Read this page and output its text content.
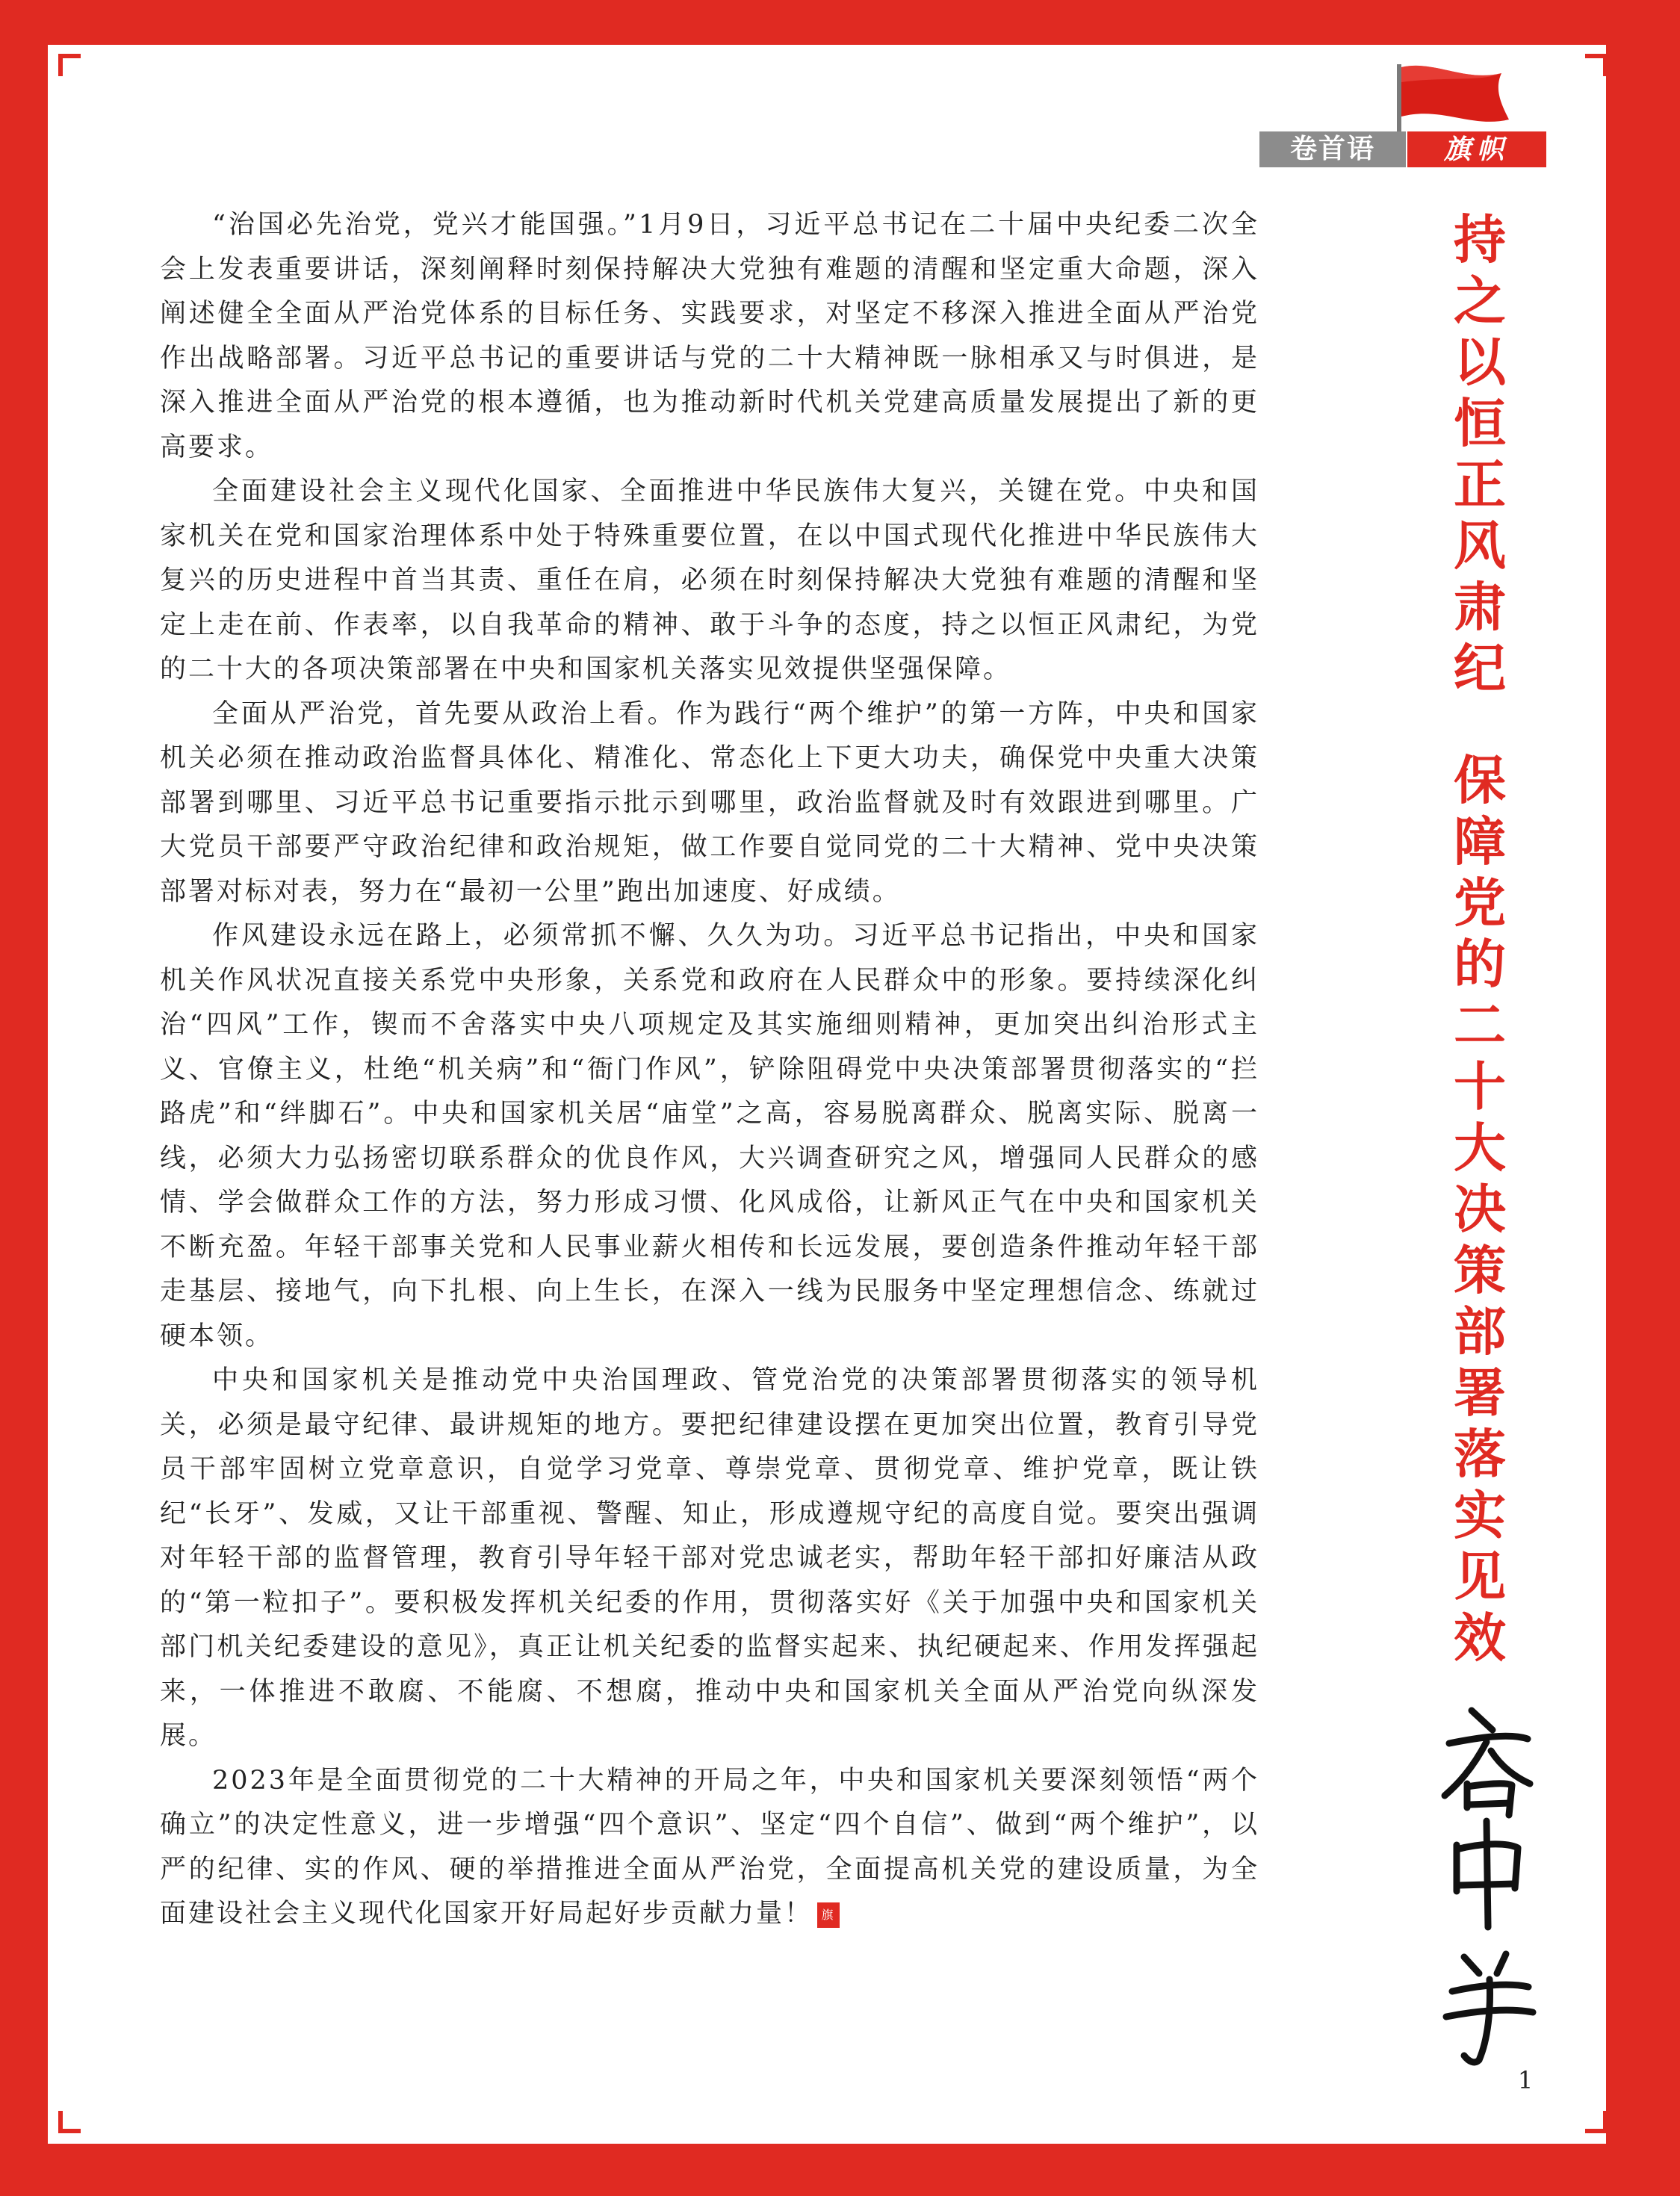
卷首语	旗帜
持之以恒正风肃纪
保障党的二十大决策部署落实见效

“治国必先治党，党兴才能国强。”1月9日，习近平总书记在二十届中央纪委二次全会上发表重要讲话，深刻阐释时刻保持解决大党独有难题的清醒和坚定重大命题，深入阐述健全全面从严治党体系的目标任务、实践要求，对坚定不移深入推进全面从严治党作出战略部署。习近平总书记的重要讲话与党的二十大精神既一脉相承又与时俱进，是深入推进全面从严治党的根本遵循，也为推动新时代机关党建高质量发展提出了新的更高要求。

全面建设社会主义现代化国家、全面推进中华民族伟大复兴，关键在党。中央和国家机关在党和国家治理体系中处于特殊重要位置，在以中国式现代化推进中华民族伟大复兴的历史进程中首当其责、重任在肩，必须在时刻保持解决大党独有难题的清醒和坚定上走在前、作表率，以自我革命的精神、敢于斗争的态度，持之以恒正风肃纪，为党的二十大的各项决策部署在中央和国家机关落实见效提供坚强保障。

全面从严治党，首先要从政治上看。作为践行“两个维护”的第一方阵，中央和国家机关必须在推动政治监督具体化、精准化、常态化上下更大功夫，确保党中央重大决策部署到哪里、习近平总书记重要指示批示到哪里，政治监督就及时有效跟进到哪里。广大党员干部要严守政治纪律和政治规矩，做工作要自觉同党的二十大精神、党中央决策部署对标对表，努力在“最初一公里”跑出加速度、好成绩。

作风建设永远在路上，必须常抓不懈、久久为功。习近平总书记指出，中央和国家机关作风状况直接关系党中央形象，关系党和政府在人民群众中的形象。要持续深化纠治“四风”工作，锲而不舍落实中央八项规定及其实施细则精神，更加突出纠治形式主义、官僚主义，杜绝“机关病”和“衙门作风”，铲除阻碍党中央决策部署贯彻落实的“拦路虎”和“绊脚石”。中央和国家机关居“庙堂”之高，容易脱离群众、脱离实际、脱离一线，必须大力弘扬密切联系群众的优良作风，大兴调查研究之风，增强同人民群众的感情、学会做群众工作的方法，努力形成习惯、化风成俗，让新风正气在中央和国家机关不断充盈。年轻干部事关党和人民事业薪火相传和长远发展，要创造条件推动年轻干部走基层、接地气，向下扎根、向上生长，在深入一线为民服务中坚定理想信念、练就过硬本领。

中央和国家机关是推动党中央治国理政、管党治党的决策部署贯彻落实的领导机关，必须是最守纪律、最讲规矩的地方。要把纪律建设摆在更加突出位置，教育引导党员干部牢固树立党章意识，自觉学习党章、尊崇党章、贯彻党章、维护党章，既让铁纪“长牙”、发威，又让干部重视、警醒、知止，形成遵规守纪的高度自觉。要突出强调对年轻干部的监督管理，教育引导年轻干部对党忠诚老实，帮助年轻干部扣好廉洁从政的“第一粒扣子”。要积极发挥机关纪委的作用，贯彻落实好《关于加强中央和国家机关部门机关纪委建设的意见》，真正让机关纪委的监督实起来、执纪硬起来、作用发挥强起来，一体推进不敢腐、不能腐、不想腐，推动中央和国家机关全面从严治党向纵深发展。

2023年是全面贯彻党的二十大精神的开局之年，中央和国家机关要深刻领悟“两个确立”的决定性意义，进一步增强“四个意识”、坚定“四个自信”、做到“两个维护”，以严的纪律、实的作风、硬的举措推进全面从严治党，全面提高机关党的建设质量，为全面建设社会主义现代化国家开好局起好步贡献力量！ 旗

1
